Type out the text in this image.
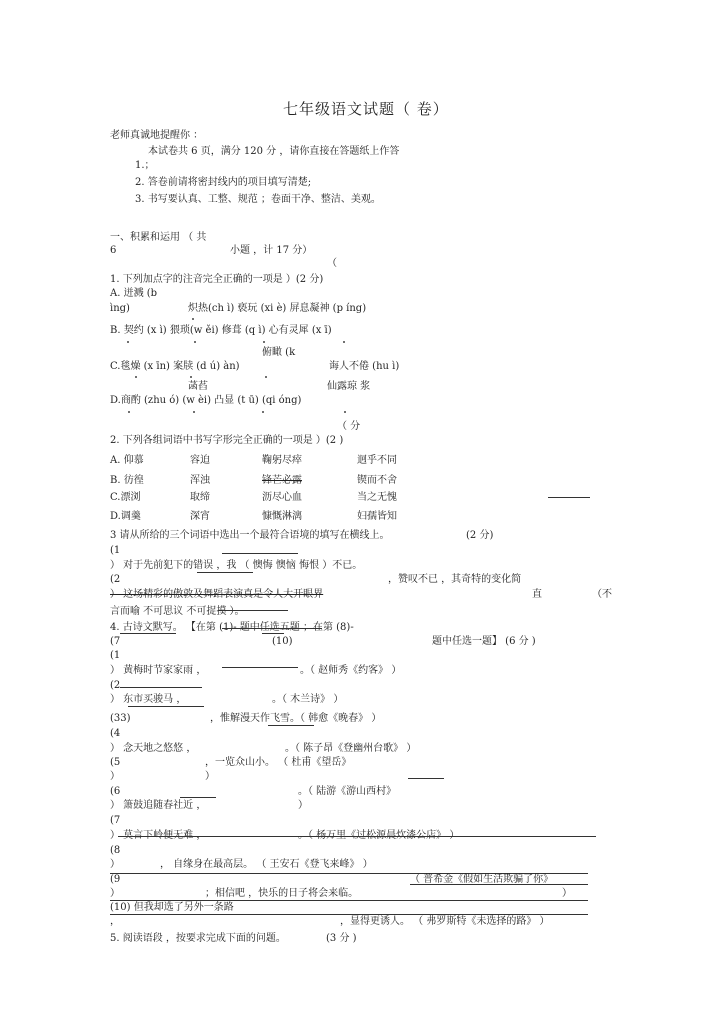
七年级语文试题（ 卷）
老师真诚地提醒你 ：
本试卷共 6 页，满分 120 分 ，请你直接在答题纸上作答
1.；
2. 答卷前请将密封线内的项目填写清楚;
3. 书写要认真、工整、规范 ；卷面干净、整洁、美观。
一、积累和运用 （ 共
6	小题 ，计 17 分）
（
1. 下列加点字的注音完全正确的一项是 ）(2 分)
A. 迸溅 (b
ìng)	炽热(ch ì) 亵玩 (xi è) 屏息凝神 (p íng)
B. 契约 (x ì) 猥琐(w ěi) 修葺 (q ì) 心有灵犀 (x ī)
俯瞰 (k
C.毯燥 (x īn) 案牍 (d ú) àn)	诲人不倦 (hu ì)
菡萏	仙露琼 浆
D.商酌 (zhu ó) (w èi) 凸显 (t ū) (qi óng)
（ 分
2. 下列各组词语中书写字形完全正确的一项是 ）(2 )
A. 仰慕	容迫	鞠躬尽瘁	迥乎不同
B. 彷徨	浑浊	锋芒必露	锲而不舍
C.漂浏	取缔	沥尽心血	当之无愧
D.调羹	深宵	慷慨淋漓	妇孺皆知
3 请从所给的三个词语中选出一个最符合语境的填写在横线上。	(2 分)
(1
） 对于先前犯下的错误 ，我 （ 懊悔 懊恼 悔恨 ）不已。
(2	，赞叹不已 ，其奇特的变化简
） 这场精彩的傲敦及舞蹈表演真是令人大开眼界	直	（不
言而喻 不可思议 不可捉摸 ）。
4. 古诗文默写。 【在第 (1)- 题中任选五题 ；在第 (8)-
(7	(10)	题中任选一题】 (6 分 )
(1
） 黄梅时节家家雨 ，	。（ 赵师秀《约客》 ）
(2
） 东市买骏马 ，	。（ 木兰诗》 ）
(33)	，惟解漫天作飞雪。（ 韩愈《晚春》 ）
(4
） 念天地之悠悠 ，	。（ 陈子昂《登幽州台歌》 ）
(5	，一览众山小。 （ 杜甫《望岳》
）	）
(6	。（ 陆游《游山西村》
） 箫鼓追随春社近 ，	）
(7
） 莫言下岭便无难 ，	。（ 杨万里《过松源晨炊漆公店》 ）
(8
）	， 自缘身在最高层。 （ 王安石《登飞来峰》 ）
(9	（ 普希金《假如生活欺骗了你》
）	；相信吧 ，快乐的日子将会来临。	）
(10) 但我却选了另外一条路
，	，显得更诱人。 （ 弗罗斯特《未选择的路》 ）
5. 阅读语段 ，按要求完成下面的问题。	(3 分 )
